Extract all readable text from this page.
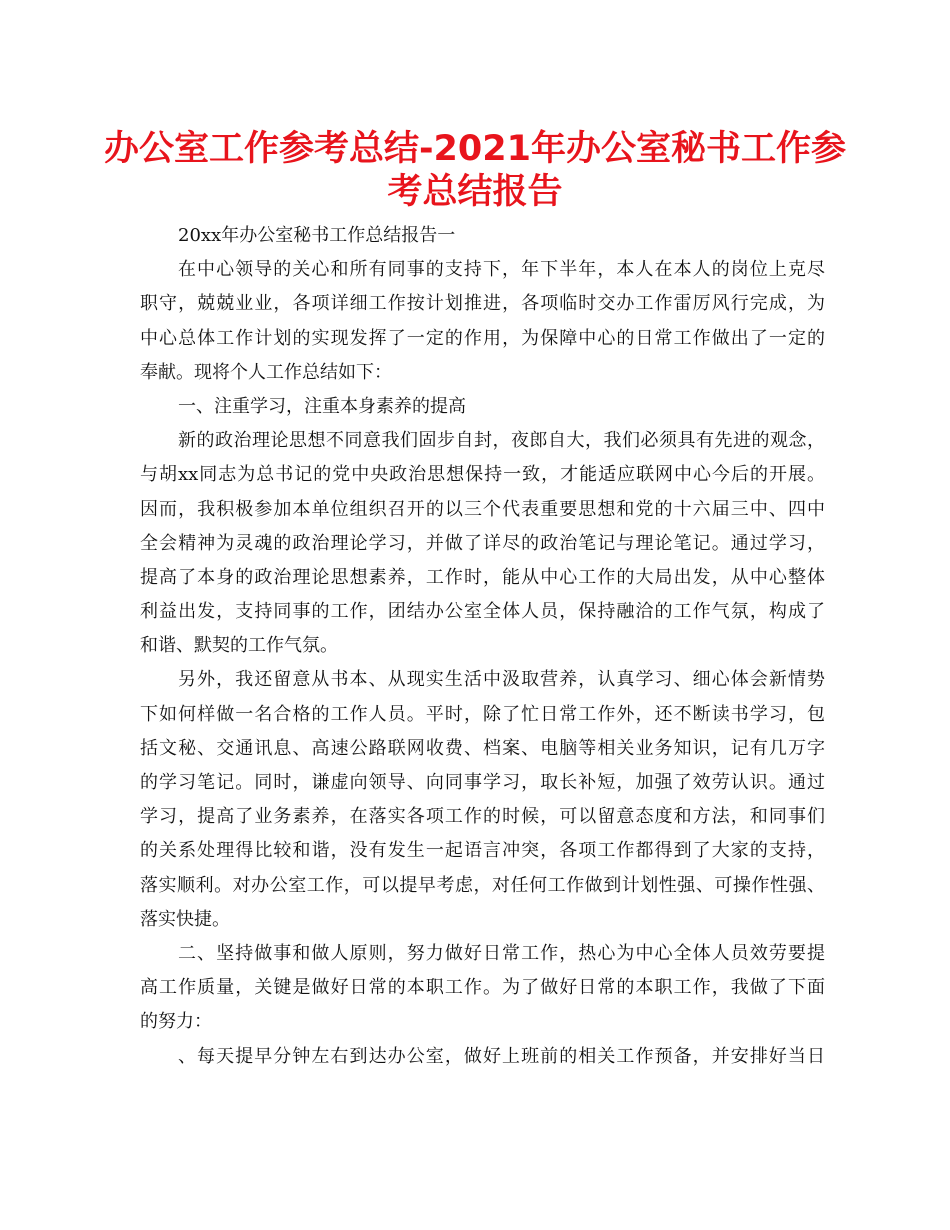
办公室工作参考总结-2021年办公室秘书工作参
考总结报告
20xx年办公室秘书工作总结报告一
在中心领导的关心和所有同事的支持下，年下半年，本人在本人的岗位上克尽
职守，兢兢业业，各项详细工作按计划推进，各项临时交办工作雷厉风行完成，为
中心总体工作计划的实现发挥了一定的作用，为保障中心的日常工作做出了一定的
奉献。现将个人工作总结如下：
一、注重学习，注重本身素养的提高
新的政治理论思想不同意我们固步自封，夜郎自大，我们必须具有先进的观念，
与胡xx同志为总书记的党中央政治思想保持一致，才能适应联网中心今后的开展。
因而，我积极参加本单位组织召开的以三个代表重要思想和党的十六届三中、四中
全会精神为灵魂的政治理论学习，并做了详尽的政治笔记与理论笔记。通过学习，
提高了本身的政治理论思想素养，工作时，能从中心工作的大局出发，从中心整体
利益出发，支持同事的工作，团结办公室全体人员，保持融洽的工作气氛，构成了
和谐、默契的工作气氛。
另外，我还留意从书本、从现实生活中汲取营养，认真学习、细心体会新情势
下如何样做一名合格的工作人员。平时，除了忙日常工作外，还不断读书学习，包
括文秘、交通讯息、高速公路联网收费、档案、电脑等相关业务知识，记有几万字
的学习笔记。同时，谦虚向领导、向同事学习，取长补短，加强了效劳认识。通过
学习，提高了业务素养，在落实各项工作的时候，可以留意态度和方法，和同事们
的关系处理得比较和谐，没有发生一起语言冲突，各项工作都得到了大家的支持，
落实顺利。对办公室工作，可以提早考虑，对任何工作做到计划性强、可操作性强、
落实快捷。
二、坚持做事和做人原则，努力做好日常工作，热心为中心全体人员效劳要提
高工作质量，关键是做好日常的本职工作。为了做好日常的本职工作，我做了下面
的努力：
、每天提早分钟左右到达办公室，做好上班前的相关工作预备，并安排好当日
